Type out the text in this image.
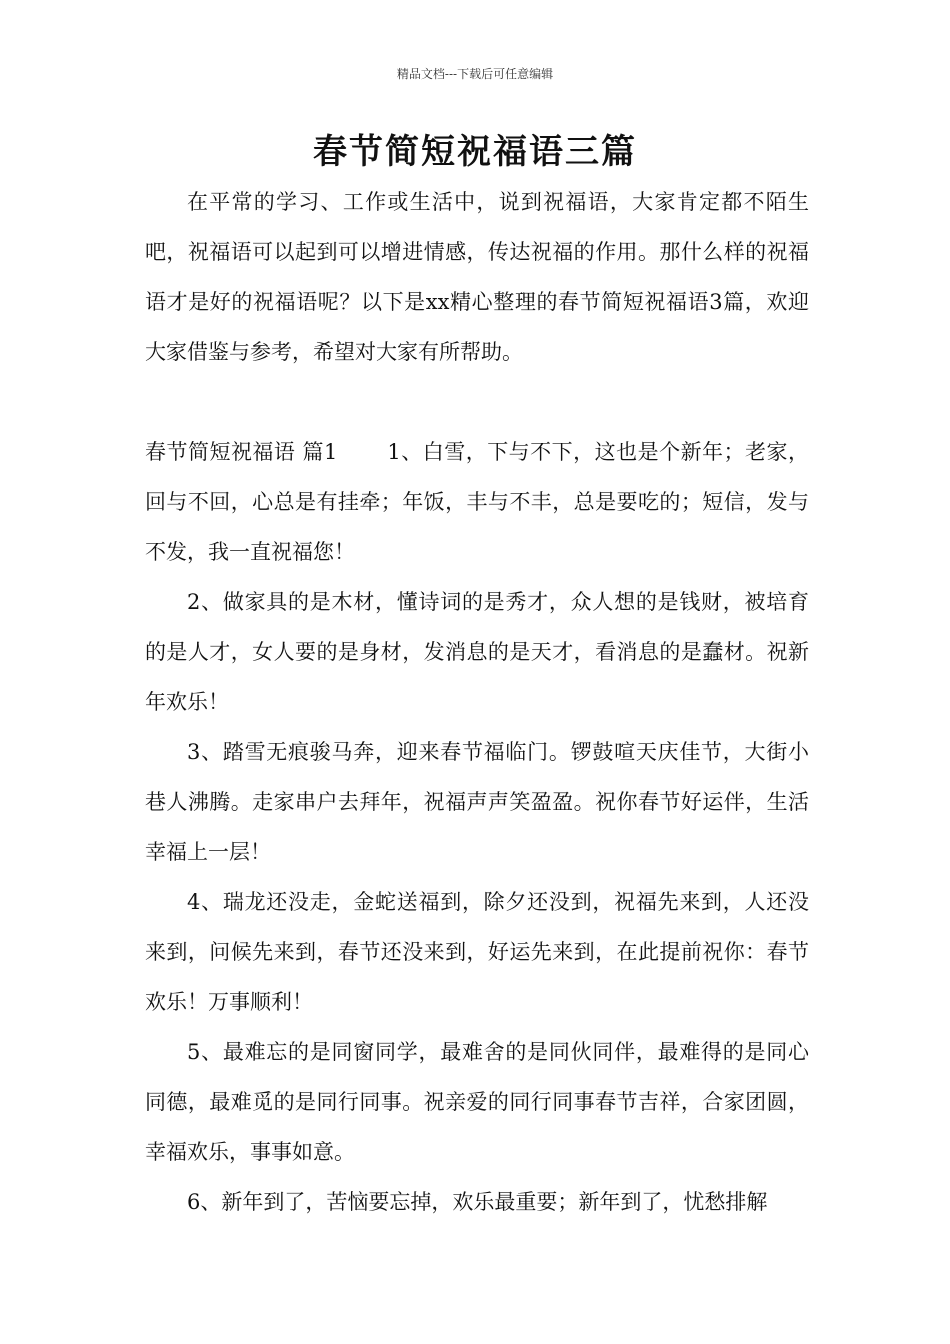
精品文档---下载后可任意编辑
春节简短祝福语三篇

在平常的学习、工作或生活中，说到祝福语，大家肯定都不陌生吧，祝福语可以起到可以增进情感，传达祝福的作用。那什么样的祝福语才是好的祝福语呢？以下是xx精心整理的春节简短祝福语3篇，欢迎大家借鉴与参考，希望对大家有所帮助。

春节简短祝福语 篇1 1、白雪，下与不下，这也是个新年；老家，回与不回，心总是有挂牵；年饭，丰与不丰，总是要吃的；短信，发与不发，我一直祝福您！

2、做家具的是木材，懂诗词的是秀才，众人想的是钱财，被培育的是人才，女人要的是身材，发消息的是天才，看消息的是蠢材。祝新年欢乐！

3、踏雪无痕骏马奔，迎来春节福临门。锣鼓喧天庆佳节，大街小巷人沸腾。走家串户去拜年，祝福声声笑盈盈。祝你春节好运伴，生活幸福上一层！

4、瑞龙还没走，金蛇送福到，除夕还没到，祝福先来到，人还没来到，问候先来到，春节还没来到，好运先来到，在此提前祝你：春节欢乐！万事顺利！

5、最难忘的是同窗同学，最难舍的是同伙同伴，最难得的是同心同德，最难觅的是同行同事。祝亲爱的同行同事春节吉祥，合家团圆，幸福欢乐，事事如意。

6、新年到了，苦恼要忘掉，欢乐最重要；新年到了，忧愁排解
